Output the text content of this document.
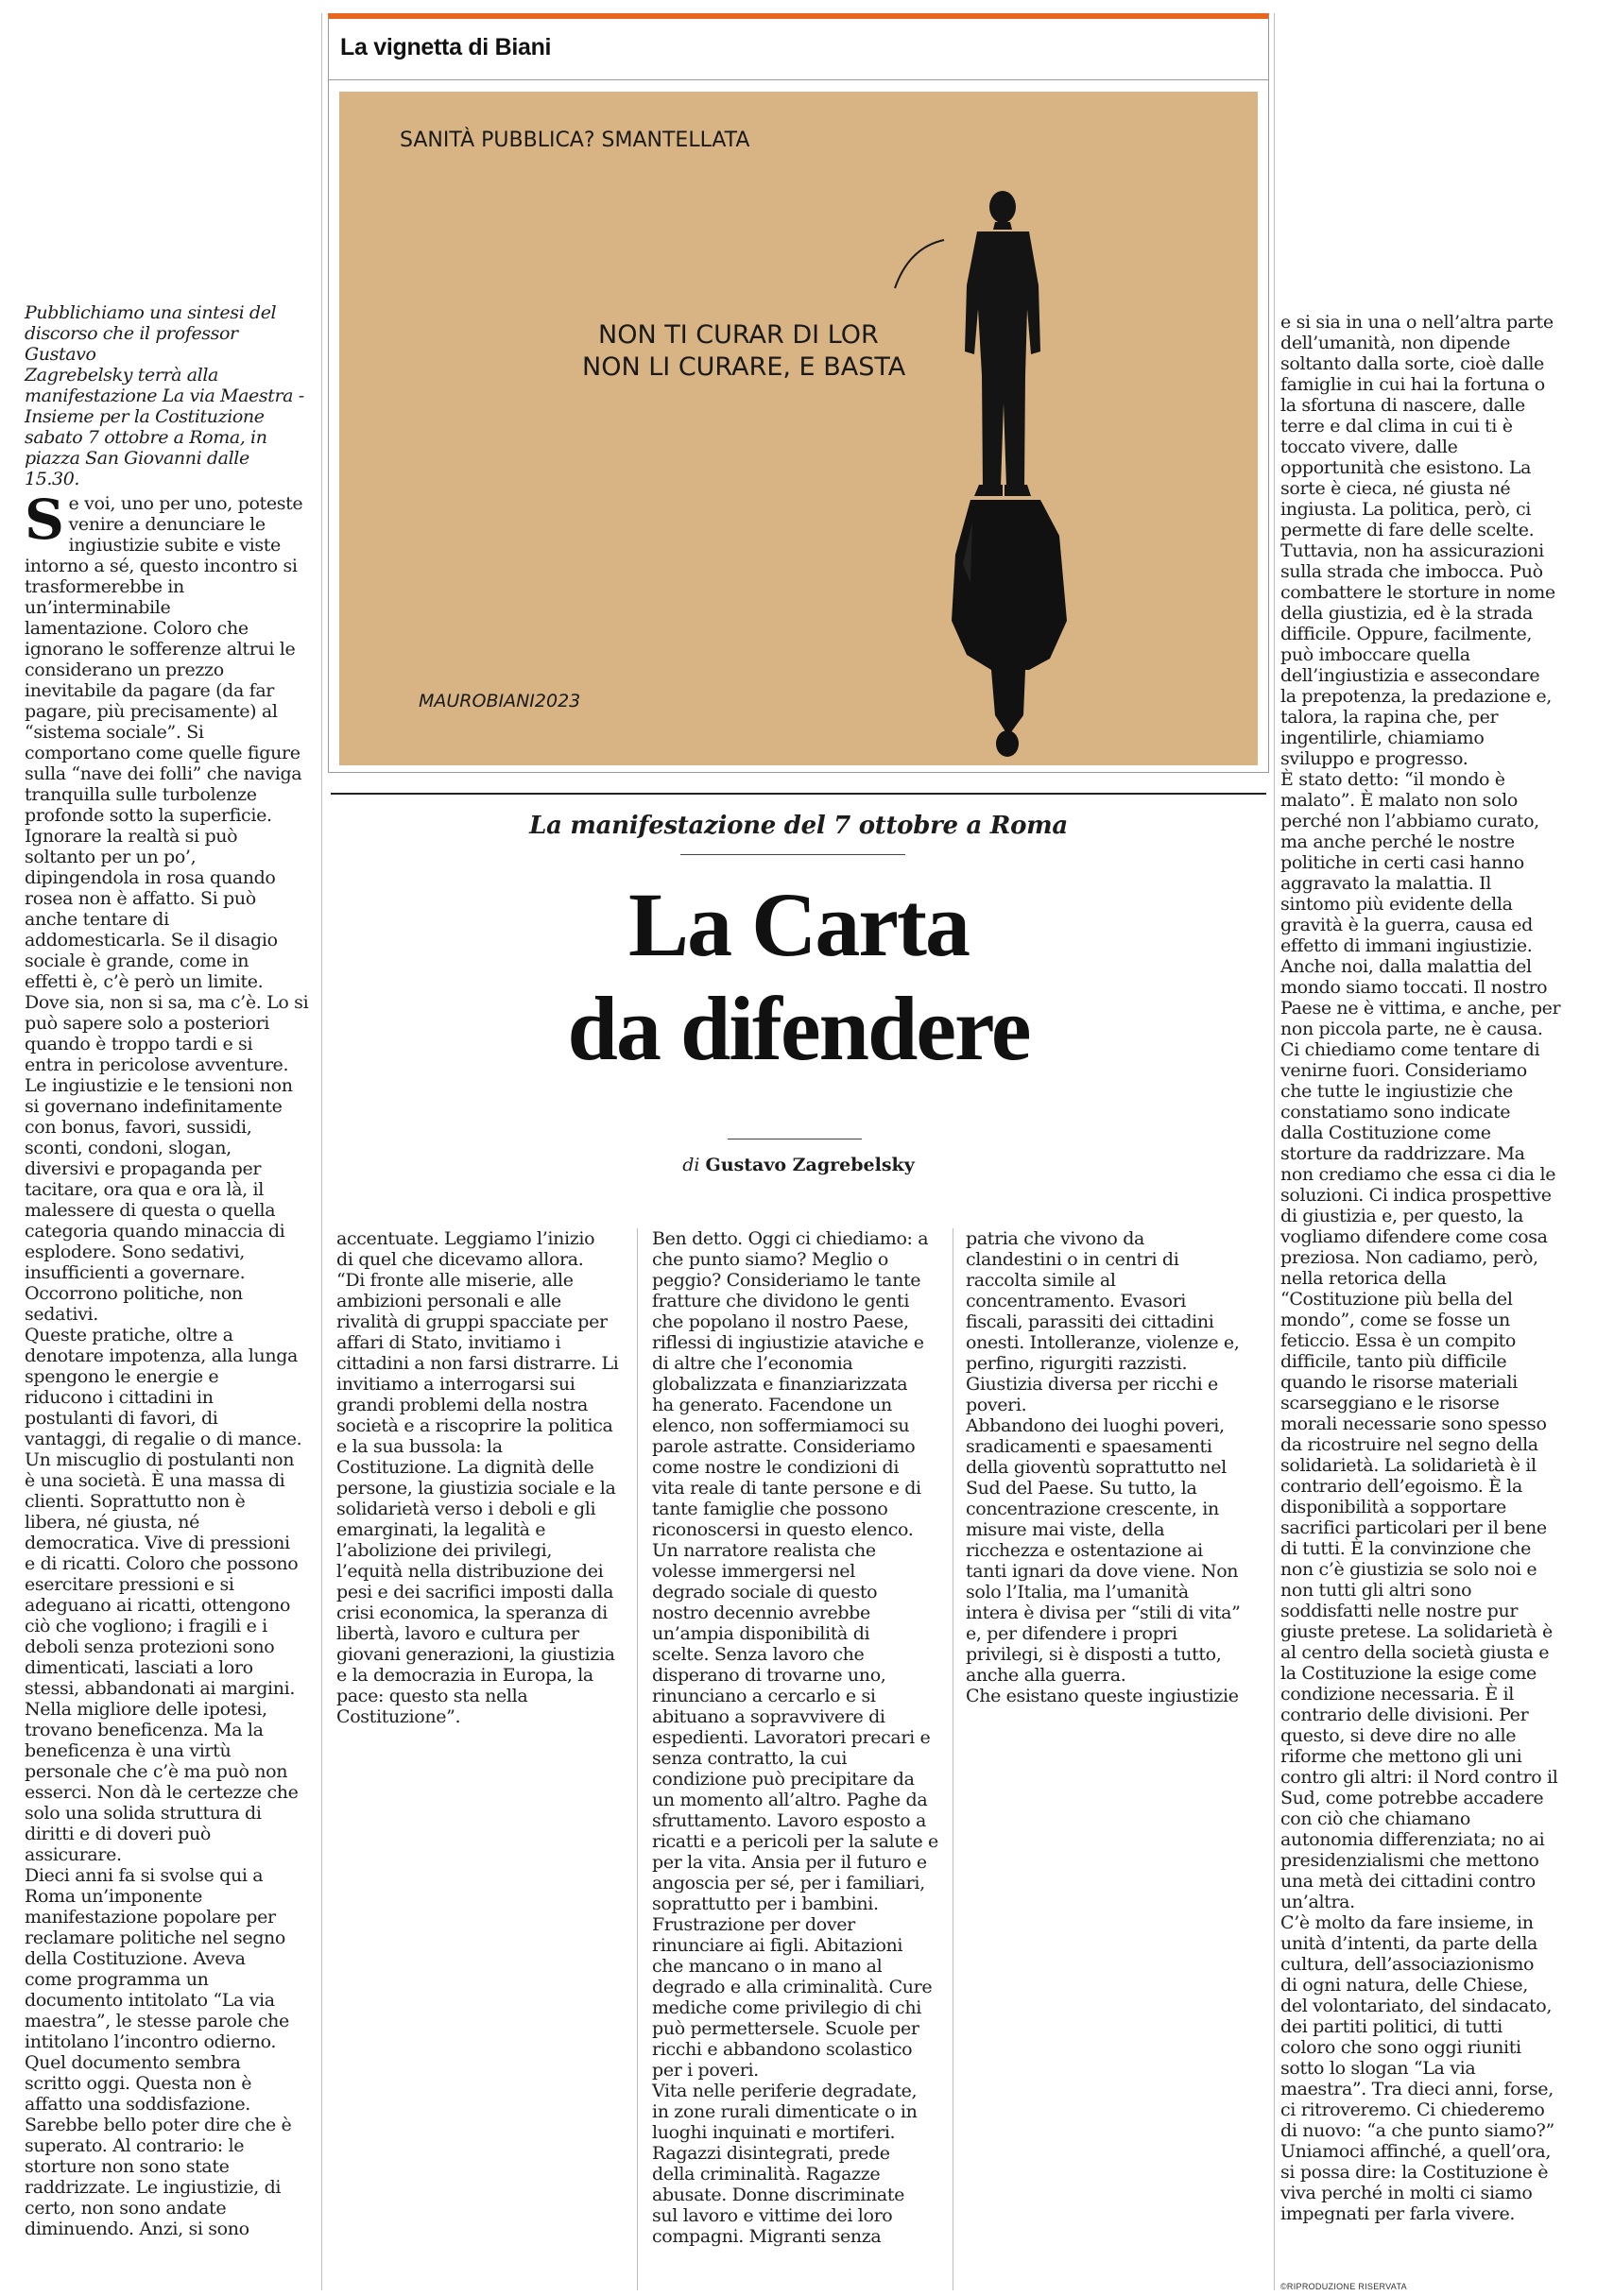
La vignetta di Biani

SANITÀ PUBBLICA? SMANTELLATA
NON TI CURAR DI LOR
NON LI CURARE, E BASTA
MAUROBIANI2023

Pubblichiamo una sintesi del
discorso che il professor Gustavo
Zagrebelsky terrà alla
manifestazione La via Maestra -
Insieme per la Costituzione
sabato 7 ottobre a Roma, in
piazza San Giovanni dalle
15.30.

La manifestazione del 7 ottobre a Roma

La Carta
da difendere
di Gustavo Zagrebelsky
Se voi, uno per uno, poteste
venire a denunciare le
ingiustizie subite e viste
intorno a sé, questo incontro si
trasformerebbe in
un’interminabile
lamentazione. Coloro che
ignorano le sofferenze altrui le
considerano un prezzo
inevitabile da pagare (da far
pagare, più precisamente) al
“sistema sociale”. Si
comportano come quelle figure
sulla “nave dei folli” che naviga
tranquilla sulle turbolenze
profonde sotto la superficie.
Ignorare la realtà si può
soltanto per un po’,
dipingendola in rosa quando
rosea non è affatto. Si può
anche tentare di
addomesticarla. Se il disagio
sociale è grande, come in
effetti è, c’è però un limite.
Dove sia, non si sa, ma c’è. Lo si
può sapere solo a posteriori
quando è troppo tardi e si
entra in pericolose avventure.
Le ingiustizie e le tensioni non
si governano indefinitamente
con bonus, favori, sussidi,
sconti, condoni, slogan,
diversivi e propaganda per
tacitare, ora qua e ora là, il
malessere di questa o quella
categoria quando minaccia di
esplodere. Sono sedativi,
insufficienti a governare.
Occorrono politiche, non
sedativi.
Queste pratiche, oltre a
denotare impotenza, alla lunga
spengono le energie e
riducono i cittadini in
postulanti di favori, di
vantaggi, di regalie o di mance.
Un miscuglio di postulanti non
è una società. È una massa di
clienti. Soprattutto non è
libera, né giusta, né
democratica. Vive di pressioni
e di ricatti. Coloro che possono
esercitare pressioni e si
adeguano ai ricatti, ottengono
ciò che vogliono; i fragili e i
deboli senza protezioni sono
dimenticati, lasciati a loro
stessi, abbandonati ai margini.
Nella migliore delle ipotesi,
trovano beneficenza. Ma la
beneficenza è una virtù
personale che c’è ma può non
esserci. Non dà le certezze che
solo una solida struttura di
diritti e di doveri può
assicurare.
Dieci anni fa si svolse qui a
Roma un’imponente
manifestazione popolare per
reclamare politiche nel segno
della Costituzione. Aveva
come programma un
documento intitolato “La via
maestra”, le stesse parole che
intitolano l’incontro odierno.
Quel documento sembra
scritto oggi. Questa non è
affatto una soddisfazione.
Sarebbe bello poter dire che è
superato. Al contrario: le
storture non sono state
raddrizzate. Le ingiustizie, di
certo, non sono andate
diminuendo. Anzi, si sono

accentuate. Leggiamo l’inizio
di quel che dicevamo allora.
“Di fronte alle miserie, alle
ambizioni personali e alle
rivalità di gruppi spacciate per
affari di Stato, invitiamo i
cittadini a non farsi distrarre. Li
invitiamo a interrogarsi sui
grandi problemi della nostra
società e a riscoprire la politica
e la sua bussola: la
Costituzione. La dignità delle
persone, la giustizia sociale e la
solidarietà verso i deboli e gli
emarginati, la legalità e
l’abolizione dei privilegi,
l’equità nella distribuzione dei
pesi e dei sacrifici imposti dalla
crisi economica, la speranza di
libertà, lavoro e cultura per
giovani generazioni, la giustizia
e la democrazia in Europa, la
pace: questo sta nella
Costituzione”.

Ben detto. Oggi ci chiediamo: a
che punto siamo? Meglio o
peggio? Consideriamo le tante
fratture che dividono le genti
che popolano il nostro Paese,
riflessi di ingiustizie ataviche e
di altre che l’economia
globalizzata e finanziarizzata
ha generato. Facendone un
elenco, non soffermiamoci su
parole astratte. Consideriamo
come nostre le condizioni di
vita reale di tante persone e di
tante famiglie che possono
riconoscersi in questo elenco.
Un narratore realista che
volesse immergersi nel
degrado sociale di questo
nostro decennio avrebbe
un’ampia disponibilità di
scelte. Senza lavoro che
disperano di trovarne uno,
rinunciano a cercarlo e si
abituano a sopravvivere di
espedienti. Lavoratori precari e
senza contratto, la cui
condizione può precipitare da
un momento all’altro. Paghe da
sfruttamento. Lavoro esposto a
ricatti e a pericoli per la salute e
per la vita. Ansia per il futuro e
angoscia per sé, per i familiari,
soprattutto per i bambini.
Frustrazione per dover
rinunciare ai figli. Abitazioni
che mancano o in mano al
degrado e alla criminalità. Cure
mediche come privilegio di chi
può permettersele. Scuole per
ricchi e abbandono scolastico
per i poveri.
Vita nelle periferie degradate,
in zone rurali dimenticate o in
luoghi inquinati e mortiferi.
Ragazzi disintegrati, prede
della criminalità. Ragazze
abusate. Donne discriminate
sul lavoro e vittime dei loro
compagni. Migranti senza

patria che vivono da
clandestini o in centri di
raccolta simile al
concentramento. Evasori
fiscali, parassiti dei cittadini
onesti. Intolleranze, violenze e,
perfino, rigurgiti razzisti.
Giustizia diversa per ricchi e
poveri.
Abbandono dei luoghi poveri,
sradicamenti e spaesamenti
della gioventù soprattutto nel
Sud del Paese. Su tutto, la
concentrazione crescente, in
misure mai viste, della
ricchezza e ostentazione ai
tanti ignari da dove viene. Non
solo l’Italia, ma l’umanità
intera è divisa per “stili di vita”
e, per difendere i propri
privilegi, si è disposti a tutto,
anche alla guerra.
Che esistano queste ingiustizie

e si sia in una o nell’altra parte
dell’umanità, non dipende
soltanto dalla sorte, cioè dalle
famiglie in cui hai la fortuna o
la sfortuna di nascere, dalle
terre e dal clima in cui ti è
toccato vivere, dalle
opportunità che esistono. La
sorte è cieca, né giusta né
ingiusta. La politica, però, ci
permette di fare delle scelte.
Tuttavia, non ha assicurazioni
sulla strada che imbocca. Può
combattere le storture in nome
della giustizia, ed è la strada
difficile. Oppure, facilmente,
può imboccare quella
dell’ingiustizia e assecondare
la prepotenza, la predazione e,
talora, la rapina che, per
ingentilirle, chiamiamo
sviluppo e progresso.
È stato detto: “il mondo è
malato”. È malato non solo
perché non l’abbiamo curato,
ma anche perché le nostre
politiche in certi casi hanno
aggravato la malattia. Il
sintomo più evidente della
gravità è la guerra, causa ed
effetto di immani ingiustizie.
Anche noi, dalla malattia del
mondo siamo toccati. Il nostro
Paese ne è vittima, e anche, per
non piccola parte, ne è causa.
Ci chiediamo come tentare di
venirne fuori. Consideriamo
che tutte le ingiustizie che
constatiamo sono indicate
dalla Costituzione come
storture da raddrizzare. Ma
non crediamo che essa ci dia le
soluzioni. Ci indica prospettive
di giustizia e, per questo, la
vogliamo difendere come cosa
preziosa. Non cadiamo, però,
nella retorica della
“Costituzione più bella del
mondo”, come se fosse un
feticcio. Essa è un compito
difficile, tanto più difficile
quando le risorse materiali
scarseggiano e le risorse
morali necessarie sono spesso
da ricostruire nel segno della
solidarietà. La solidarietà è il
contrario dell’egoismo. È la
disponibilità a sopportare
sacrifici particolari per il bene
di tutti. È la convinzione che
non c’è giustizia se solo noi e
non tutti gli altri sono
soddisfatti nelle nostre pur
giuste pretese. La solidarietà è
al centro della società giusta e
la Costituzione la esige come
condizione necessaria. È il
contrario delle divisioni. Per
questo, si deve dire no alle
riforme che mettono gli uni
contro gli altri: il Nord contro il
Sud, come potrebbe accadere
con ciò che chiamano
autonomia differenziata; no ai
presidenzialismi che mettono
una metà dei cittadini contro
un’altra.
C’è molto da fare insieme, in
unità d’intenti, da parte della
cultura, dell’associazionismo
di ogni natura, delle Chiese,
del volontariato, del sindacato,
dei partiti politici, di tutti
coloro che sono oggi riuniti
sotto lo slogan “La via
maestra”. Tra dieci anni, forse,
ci ritroveremo. Ci chiederemo
di nuovo: “a che punto siamo?”
Uniamoci affinché, a quell’ora,
si possa dire: la Costituzione è
viva perché in molti ci siamo
impegnati per farla vivere.

©RIPRODUZIONE RISERVATA
